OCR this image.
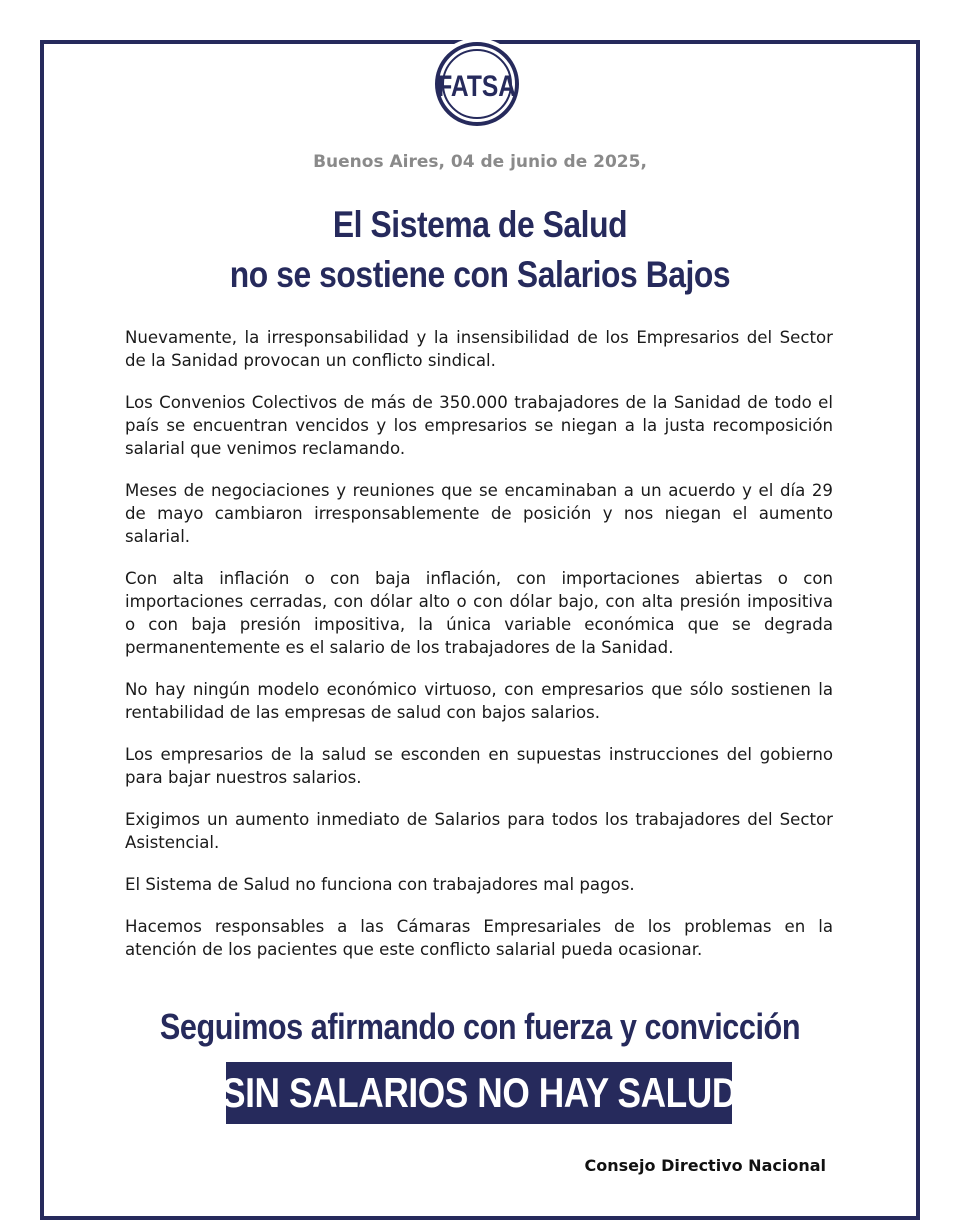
FATSA
Buenos Aires, 04 de junio de 2025,
El Sistema de Salud
no se sostiene con Salarios Bajos

Nuevamente, la irresponsabilidad y la insensibilidad de los Empresarios del Sector de la Sanidad provocan un conflicto sindical.

Los Convenios Colectivos de más de 350.000 trabajadores de la Sanidad de todo el país se encuentran vencidos y los empresarios se niegan a la justa recomposición salarial que venimos reclamando.

Meses de negociaciones y reuniones que se encaminaban a un acuerdo y el día 29 de mayo cambiaron irresponsablemente de posición y nos niegan el aumento salarial.

Con alta inflación o con baja inflación, con importaciones abiertas o con importaciones cerradas, con dólar alto o con dólar bajo, con alta presión impositiva o con baja presión impositiva, la única variable económica que se degrada permanentemente es el salario de los trabajadores de la Sanidad.

No hay ningún modelo económico virtuoso, con empresarios que sólo sostienen la rentabilidad de las empresas de salud con bajos salarios.

Los empresarios de la salud se esconden en supuestas instrucciones del gobierno para bajar nuestros salarios.

Exigimos un aumento inmediato de Salarios para todos los trabajadores del Sector Asistencial.

El Sistema de Salud no funciona con trabajadores mal pagos.

Hacemos responsables a las Cámaras Empresariales de los problemas en la atención de los pacientes que este conflicto salarial pueda ocasionar.

Seguimos afirmando con fuerza y convicción
SIN SALARIOS NO HAY SALUD
Consejo Directivo Nacional
